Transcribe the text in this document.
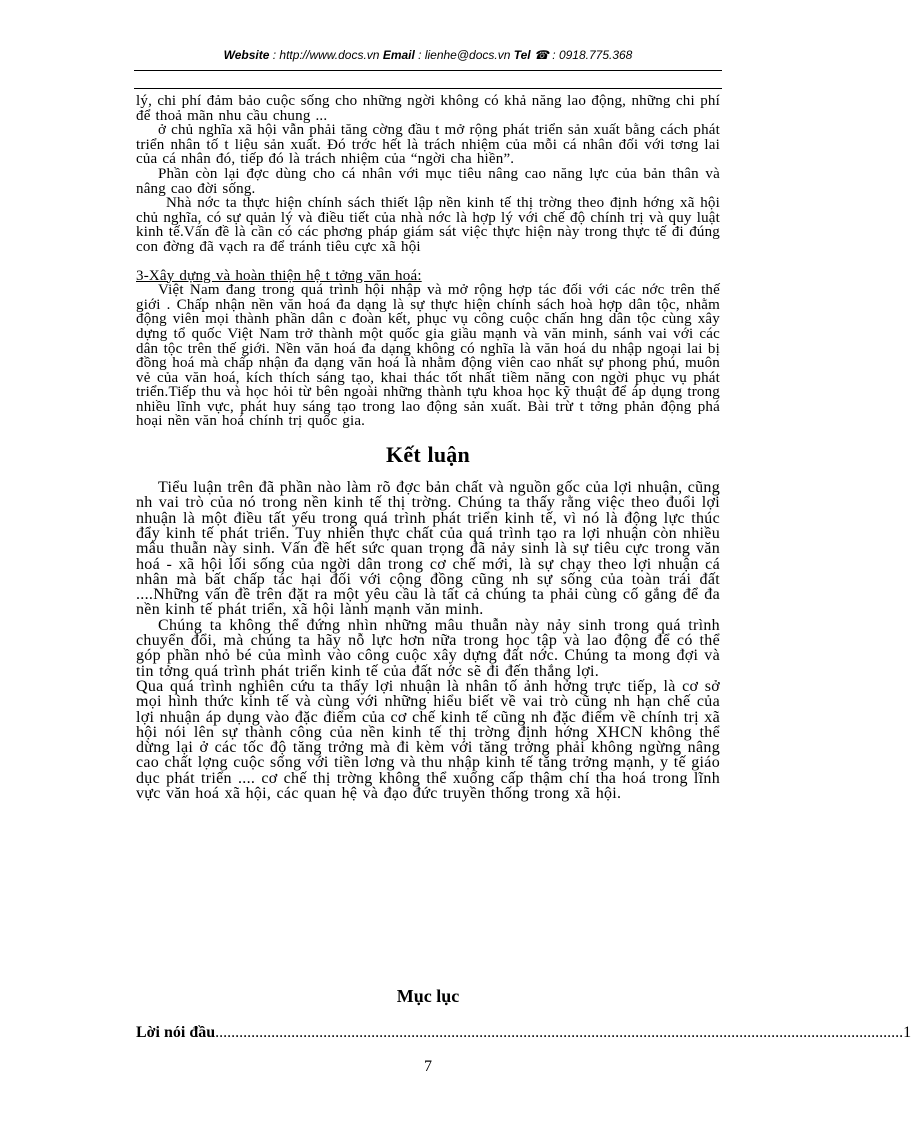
Website : http://www.docs.vn Email : lienhe@docs.vn Tel ☎ : 0918.775.368

lý, chi phí đảm bảo cuộc sống cho những ngời không có khả năng lao động, những chi phí để thoả mãn nhu cầu chung ...

ở chủ nghĩa xã hội vẫn phải tăng cờng đầu t mở rộng phát triển sản xuất bằng cách phát triển nhân tố t liệu sản xuất. Đó trớc hết là trách nhiệm của mỗi cá nhân đối với tơng lai của cá nhân đó, tiếp đó là trách nhiệm của “ngời cha hiền”.

Phần còn lại đợc dùng cho cá nhân với mục tiêu nâng cao năng lực của bản thân và nâng cao đời sống.

Nhà nớc ta thực hiện chính sách thiết lập nền kinh tế thị trờng theo định hớng xã hội chủ nghĩa, có sự quản lý và điều tiết của nhà nớc là hợp lý với chế độ chính trị và quy luật kinh tế.Vấn đề là cần có các phơng pháp giám sát việc thực hiện này trong thực tế đi đúng con đờng đã vạch ra để tránh tiêu cực xã hội

3-Xây dựng và hoàn thiện hệ t tởng văn hoá:

Việt Nam đang trong quá trình hội nhập và mở rộng hợp tác đối với các nớc trên thế giới . Chấp nhận nền văn hoá đa dạng là sự thực hiện chính sách hoà hợp dân tộc, nhằm động viên mọi thành phần dân c đoàn kết, phục vụ công cuộc chấn hng dân tộc cùng xây dựng tổ quốc Việt Nam trở thành một quốc gia giầu mạnh và văn minh, sánh vai với các dân tộc trên thế giới. Nền văn hoá đa dạng không có nghĩa là văn hoá du nhập ngoại lai bị đồng hoá mà chấp nhận đa dạng văn hoá là nhằm động viên cao nhất sự phong phú, muôn vẻ của văn hoá, kích thích sáng tạo, khai thác tốt nhất tiềm năng con ngời phục vụ phát triển.Tiếp thu và học hỏi từ bên ngoài những thành tựu khoa học kỹ thuật để áp dụng trong nhiều lĩnh vực, phát huy sáng tạo trong lao động sản xuất. Bài trừ t tởng phản động phá hoại nền văn hoá chính trị quốc gia.

Kết luận

Tiểu luận trên đã phần nào làm rõ đợc bản chất và nguồn gốc của lợi nhuận, cũng nh vai trò của nó trong nền kinh tế thị trờng. Chúng ta thấy rằng việc theo đuổi lợi nhuận là một điều tất yếu trong quá trình phát triển kinh tế, vì nó là động lực thúc đẩy kinh tế phát triển. Tuy nhiên thực chất của quá trình tạo ra lợi nhuận còn nhiều mâu thuẫn này sinh. Vấn đề hết sức quan trọng đã nảy sinh là sự tiêu cực trong văn hoá - xã hội lối sống của ngời dân trong cơ chế mới, là sự chạy theo lợi nhuận cá nhân mà bất chấp tác hại đối với cộng đồng cũng nh sự sống của toàn trái đất ....Những vấn đề trên đặt ra một yêu cầu là tất cả chúng ta phải cùng cố gắng để đa nền kinh tế phát triển, xã hội lành mạnh văn minh.

Chúng ta không thể đứng nhìn những mâu thuẫn này nảy sinh trong quá trình chuyển đổi, mà chúng ta hãy nỗ lực hơn nữa trong học tập và lao động để có thể góp phần nhỏ bé của mình vào công cuộc xây dựng đất nớc. Chúng ta mong đợi và tin tởng quá trình phát triển kinh tế của đất nớc sẽ đi đến thắng lợi.

Qua quá trình nghiên cứu ta thấy lợi nhuận là nhân tố ảnh hởng trực tiếp, là cơ sở mọi hình thức kinh tế và cùng với những hiểu biết về vai trò cũng nh hạn chế của lợi nhuận áp dụng vào đặc điểm của cơ chế kinh tế cũng nh đặc điểm về chính trị xã hội nói lên sự thành công của nền kinh tế thị trờng định hớng XHCN không thể dừng lại ở các tốc độ tăng trởng mà đi kèm với tăng trởng phải không ngừng nâng cao chất lợng cuộc sống với tiền lơng và thu nhập kinh tế tăng trởng mạnh, y tế giáo dục phát triển .... cơ chế thị trờng không thể xuống cấp thậm chí tha hoá trong lĩnh vực văn hoá xã hội, các quan hệ và đạo đức truyền thống trong xã hội.

Mục lục
Lời nói đầu ............................................................................................................................................................................ 1
7
